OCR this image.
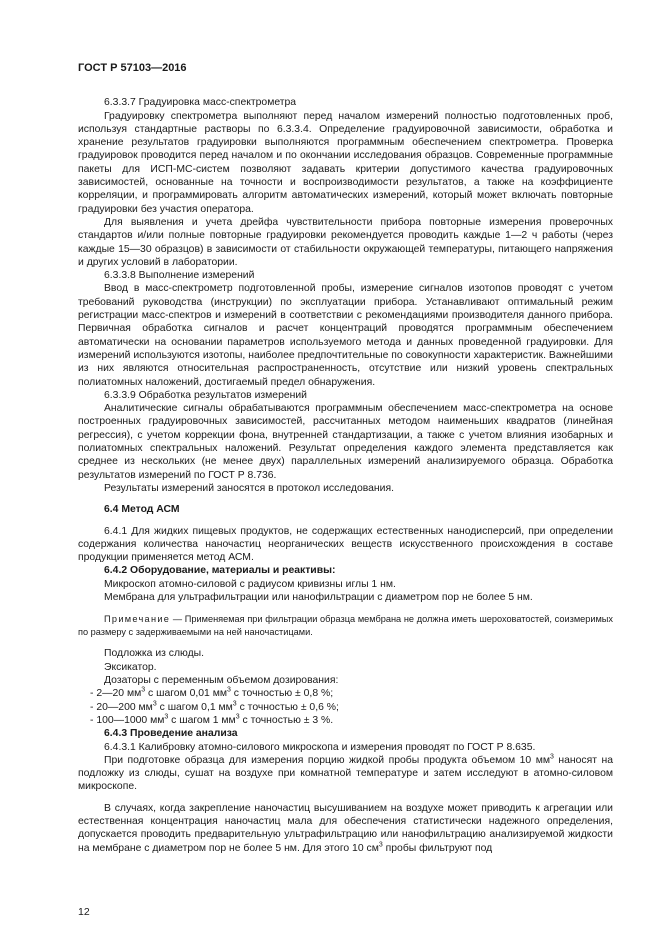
ГОСТ Р 57103—2016

6.3.3.7 Градуировка масс-спектрометра

Градуировку спектрометра выполняют перед началом измерений полностью подготовленных проб, используя стандартные растворы по 6.3.3.4. Определение градуировочной зависимости, обработка и хранение результатов градуировки выполняются программным обеспечением спектрометра. Проверка градуировок проводится перед началом и по окончании исследования образцов. Современные программные пакеты для ИСП-МС-систем позволяют задавать критерии допустимого качества градуировочных зависимостей, основанные на точности и воспроизводимости результатов, а также на коэффициенте корреляции, и программировать алгоритм автоматических измерений, который может включать повторные градуировки без участия оператора.

Для выявления и учета дрейфа чувствительности прибора повторные измерения проверочных стандартов и/или полные повторные градуировки рекомендуется проводить каждые 1—2 ч работы (через каждые 15—30 образцов) в зависимости от стабильности окружающей температуры, питающего напряжения и других условий в лаборатории.

6.3.3.8 Выполнение измерений

Ввод в масс-спектрометр подготовленной пробы, измерение сигналов изотопов проводят с учетом требований руководства (инструкции) по эксплуатации прибора. Устанавливают оптимальный режим регистрации масс-спектров и измерений в соответствии с рекомендациями производителя данного прибора. Первичная обработка сигналов и расчет концентраций проводятся программным обеспечением автоматически на основании параметров используемого метода и данных проведенной градуировки. Для измерений используются изотопы, наиболее предпочтительные по совокупности характеристик. Важнейшими из них являются относительная распространенность, отсутствие или низкий уровень спектральных полиатомных наложений, достигаемый предел обнаружения.

6.3.3.9 Обработка результатов измерений

Аналитические сигналы обрабатываются программным обеспечением масс-спектрометра на основе построенных градуировочных зависимостей, рассчитанных методом наименьших квадратов (линейная регрессия), с учетом коррекции фона, внутренней стандартизации, а также с учетом влияния изобарных и полиатомных спектральных наложений. Результат определения каждого элемента представляется как среднее из нескольких (не менее двух) параллельных измерений анализируемого образца. Обработка результатов измерений по ГОСТ Р 8.736.

Результаты измерений заносятся в протокол исследования.

6.4 Метод АСМ

6.4.1 Для жидких пищевых продуктов, не содержащих естественных нанодисперсий, при определении содержания количества наночастиц неорганических веществ искусственного происхождения в составе продукции применяется метод АСМ.

6.4.2 Оборудование, материалы и реактивы:

Микроскоп атомно-силовой с радиусом кривизны иглы 1 нм.

Мембрана для ультрафильтрации или нанофильтрации с диаметром пор не более 5 нм.

Примечание — Применяемая при фильтрации образца мембрана не должна иметь шероховатостей, соизмеримых по размеру с задерживаемыми на ней наночастицами.

Подложка из слюды.

Эксикатор.

Дозаторы с переменным объемом дозирования:

- 2—20 $мм^3$ с шагом 0,01 $мм^3$ с точностью ± 0,8 %;

- 20—200 $мм^3$ с шагом 0,1 $мм^3$ с точностью ± 0,6 %;

- 100—1000 $мм^3$ с шагом 1 $мм^3$ с точностью ± 3 %.

6.4.3 Проведение анализа

6.4.3.1 Калибровку атомно-силового микроскопа и измерения проводят по ГОСТ Р 8.635.

При подготовке образца для измерения порцию жидкой пробы продукта объемом 10 $мм^3$ наносят на подложку из слюды, сушат на воздухе при комнатной температуре и затем исследуют в атомно-силовом микроскопе.

В случаях, когда закрепление наночастиц высушиванием на воздухе может приводить к агрегации или естественная концентрация наночастиц мала для обеспечения статистически надежного определения, допускается проводить предварительную ультрафильтрацию или нанофильтрацию анализируемой жидкости на мембране с диаметром пор не более 5 нм. Для этого 10 $см^3$ пробы фильтруют под

12
